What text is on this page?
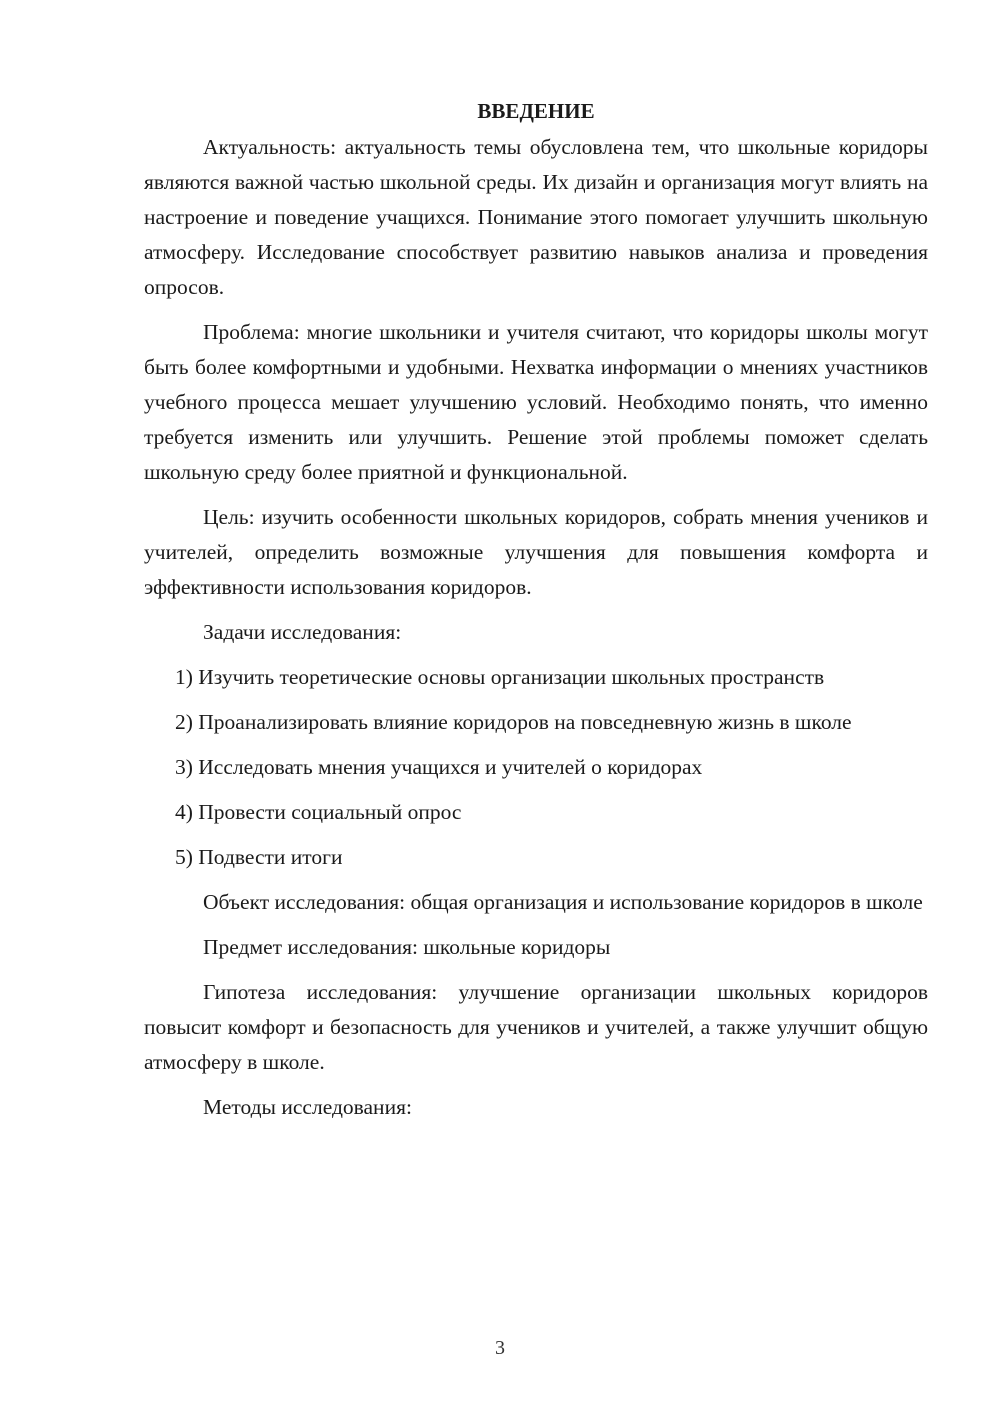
ВВЕДЕНИЕ

Актуальность: актуальность темы обусловлена тем, что школьные коридоры являются важной частью школьной среды. Их дизайн и организация могут влиять на настроение и поведение учащихся. Понимание этого помогает улучшить школьную атмосферу. Исследование способствует развитию навыков анализа и проведения опросов.

Проблема: многие школьники и учителя считают, что коридоры школы могут быть более комфортными и удобными. Нехватка информации о мнениях участников учебного процесса мешает улучшению условий. Необходимо понять, что именно требуется изменить или улучшить. Решение этой проблемы поможет сделать школьную среду более приятной и функциональной.

Цель: изучить особенности школьных коридоров, собрать мнения учеников и учителей, определить возможные улучшения для повышения комфорта и эффективности использования коридоров.

Задачи исследования:

1) Изучить теоретические основы организации школьных пространств

2) Проанализировать влияние коридоров на повседневную жизнь в школе

3) Исследовать мнения учащихся и учителей о коридорах

4) Провести социальный опрос

5) Подвести итоги

Объект исследования: общая организация и использование коридоров в школе

Предмет исследования: школьные коридоры

Гипотеза исследования: улучшение организации школьных коридоров повысит комфорт и безопасность для учеников и учителей, а также улучшит общую атмосферу в школе.

Методы исследования:

3
